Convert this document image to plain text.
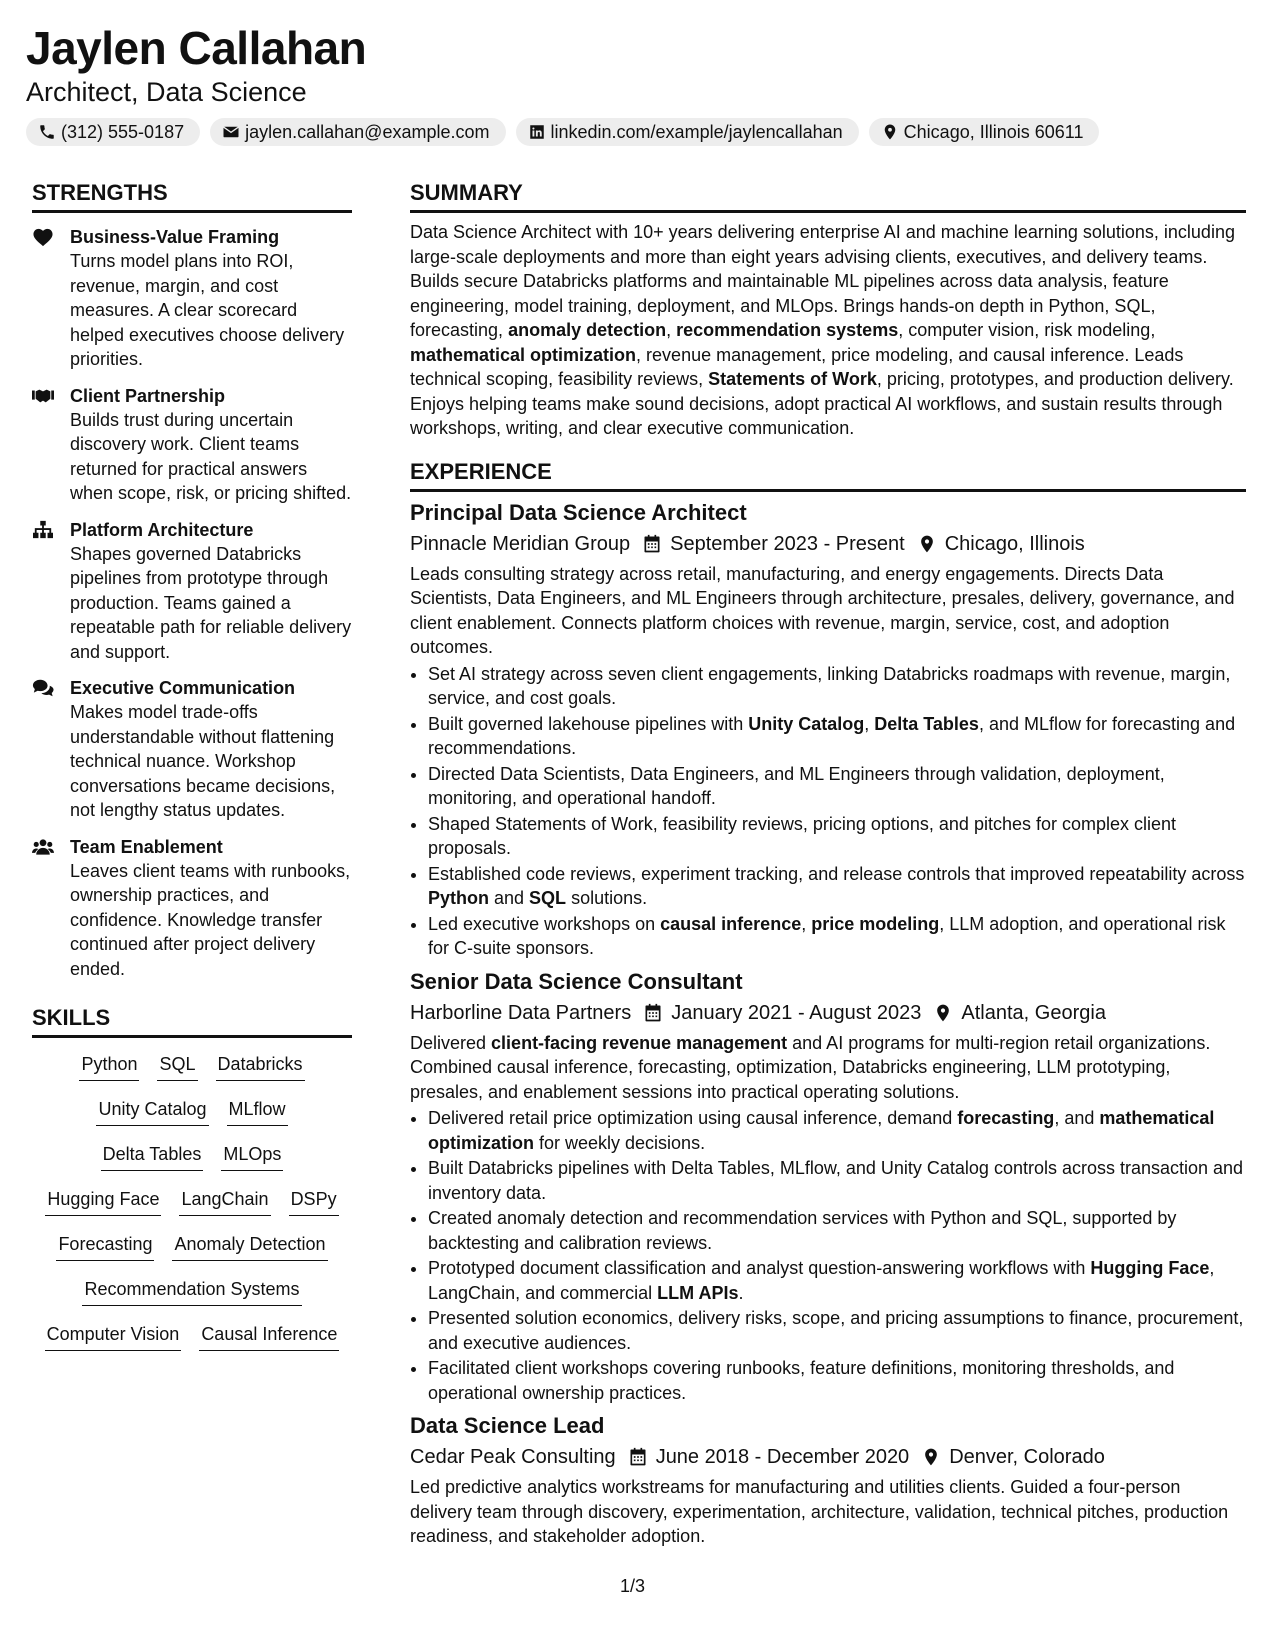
Jaylen Callahan
Architect, Data Science
(312) 555-0187	jaylen.callahan@example.com	linkedin.com/example/jaylencallahan	Chicago, Illinois 60611
STRENGTHS
Business-Value Framing
Turns model plans into ROI, revenue, margin, and cost measures. A clear scorecard helped executives choose delivery priorities.
Client Partnership
Builds trust during uncertain discovery work. Client teams returned for practical answers when scope, risk, or pricing shifted.
Platform Architecture
Shapes governed Databricks pipelines from prototype through production. Teams gained a repeatable path for reliable delivery and support.
Executive Communication
Makes model trade-offs understandable without flattening technical nuance. Workshop conversations became decisions, not lengthy status updates.
Team Enablement
Leaves client teams with runbooks, ownership practices, and confidence. Knowledge transfer continued after project delivery ended.
SKILLS
Python SQL Databricks
Unity Catalog MLflow
Delta Tables MLOps
Hugging Face LangChain DSPy
Forecasting Anomaly Detection
Recommendation Systems
Computer Vision Causal Inference
SUMMARY
Data Science Architect with 10+ years delivering enterprise AI and machine learning solutions, including large-scale deployments and more than eight years advising clients, executives, and delivery teams. Builds secure Databricks platforms and maintainable ML pipelines across data analysis, feature engineering, model training, deployment, and MLOps. Brings hands-on depth in Python, SQL, forecasting, anomaly detection, recommendation systems, computer vision, risk modeling, mathematical optimization, revenue management, price modeling, and causal inference. Leads technical scoping, feasibility reviews, Statements of Work, pricing, prototypes, and production delivery. Enjoys helping teams make sound decisions, adopt practical AI workflows, and sustain results through workshops, writing, and clear executive communication.
EXPERIENCE
Principal Data Science Architect
Pinnacle Meridian Group September 2023 - Present Chicago, Illinois
Leads consulting strategy across retail, manufacturing, and energy engagements. Directs Data Scientists, Data Engineers, and ML Engineers through architecture, presales, delivery, governance, and client enablement. Connects platform choices with revenue, margin, service, cost, and adoption outcomes.
• Set AI strategy across seven client engagements, linking Databricks roadmaps with revenue, margin, service, and cost goals.
• Built governed lakehouse pipelines with Unity Catalog, Delta Tables, and MLflow for forecasting and recommendations.
• Directed Data Scientists, Data Engineers, and ML Engineers through validation, deployment, monitoring, and operational handoff.
• Shaped Statements of Work, feasibility reviews, pricing options, and pitches for complex client proposals.
• Established code reviews, experiment tracking, and release controls that improved repeatability across Python and SQL solutions.
• Led executive workshops on causal inference, price modeling, LLM adoption, and operational risk for C-suite sponsors.
Senior Data Science Consultant
Harborline Data Partners January 2021 - August 2023 Atlanta, Georgia
Delivered client-facing revenue management and AI programs for multi-region retail organizations. Combined causal inference, forecasting, optimization, Databricks engineering, LLM prototyping, presales, and enablement sessions into practical operating solutions.
• Delivered retail price optimization using causal inference, demand forecasting, and mathematical optimization for weekly decisions.
• Built Databricks pipelines with Delta Tables, MLflow, and Unity Catalog controls across transaction and inventory data.
• Created anomaly detection and recommendation services with Python and SQL, supported by backtesting and calibration reviews.
• Prototyped document classification and analyst question-answering workflows with Hugging Face, LangChain, and commercial LLM APIs.
• Presented solution economics, delivery risks, scope, and pricing assumptions to finance, procurement, and executive audiences.
• Facilitated client workshops covering runbooks, feature definitions, monitoring thresholds, and operational ownership practices.
Data Science Lead
Cedar Peak Consulting June 2018 - December 2020 Denver, Colorado
Led predictive analytics workstreams for manufacturing and utilities clients. Guided a four-person delivery team through discovery, experimentation, architecture, validation, technical pitches, production readiness, and stakeholder adoption.
1/3
